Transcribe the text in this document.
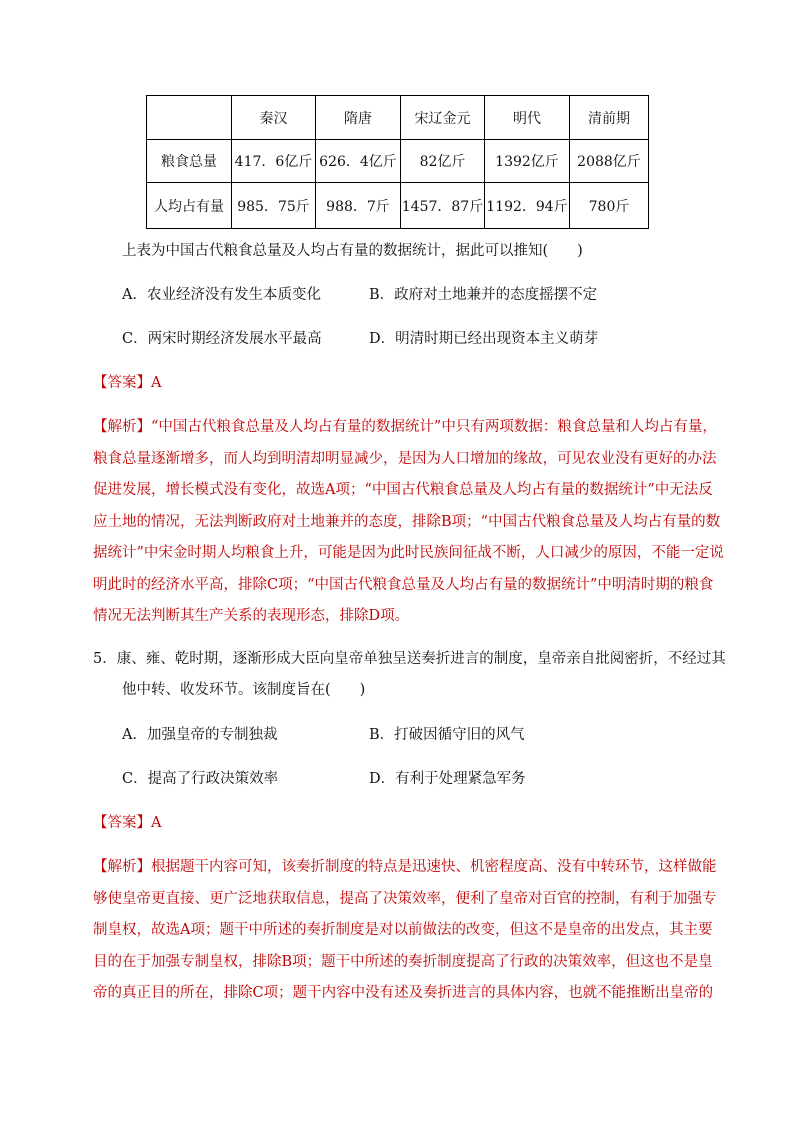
	秦汉	隋唐	宋辽金元	明代	清前期
粮食总量	417．6亿斤	626．4亿斤	82亿斤	1392亿斤	2088亿斤
人均占有量	985．75斤	988．7斤	1457．87斤	1192．94斤	780斤
上表为中国古代粮食总量及人均占有量的数据统计，据此可以推知(　　)
A．农业经济没有发生本质变化	B．政府对土地兼并的态度摇摆不定
C．两宋时期经济发展水平最高	D．明清时期已经出现资本主义萌芽
【答案】A
【解析】“中国古代粮食总量及人均占有量的数据统计”中只有两项数据：粮食总量和人均占有量，
粮食总量逐渐增多，而人均到明清却明显减少，是因为人口增加的缘故，可见农业没有更好的办法
促进发展，增长模式没有变化，故选A项；“中国古代粮食总量及人均占有量的数据统计”中无法反
应土地的情况，无法判断政府对土地兼并的态度，排除B项；“中国古代粮食总量及人均占有量的数
据统计”中宋金时期人均粮食上升，可能是因为此时民族间征战不断，人口减少的原因，不能一定说
明此时的经济水平高，排除C项；“中国古代粮食总量及人均占有量的数据统计”中明清时期的粮食
情况无法判断其生产关系的表现形态，排除D项。
5．康、雍、乾时期，逐渐形成大臣向皇帝单独呈送奏折进言的制度，皇帝亲自批阅密折，不经过其
他中转、收发环节。该制度旨在(　　)
A．加强皇帝的专制独裁	B．打破因循守旧的风气
C．提高了行政决策效率	D．有利于处理紧急军务
【答案】A
【解析】根据题干内容可知，该奏折制度的特点是迅速快、机密程度高、没有中转环节，这样做能
够使皇帝更直接、更广泛地获取信息，提高了决策效率，便利了皇帝对百官的控制，有利于加强专
制皇权，故选A项；题干中所述的奏折制度是对以前做法的改变，但这不是皇帝的出发点，其主要
目的在于加强专制皇权，排除B项；题干中所述的奏折制度提高了行政的决策效率，但这也不是皇
帝的真正目的所在，排除C项；题干内容中没有述及奏折进言的具体内容，也就不能推断出皇帝的
